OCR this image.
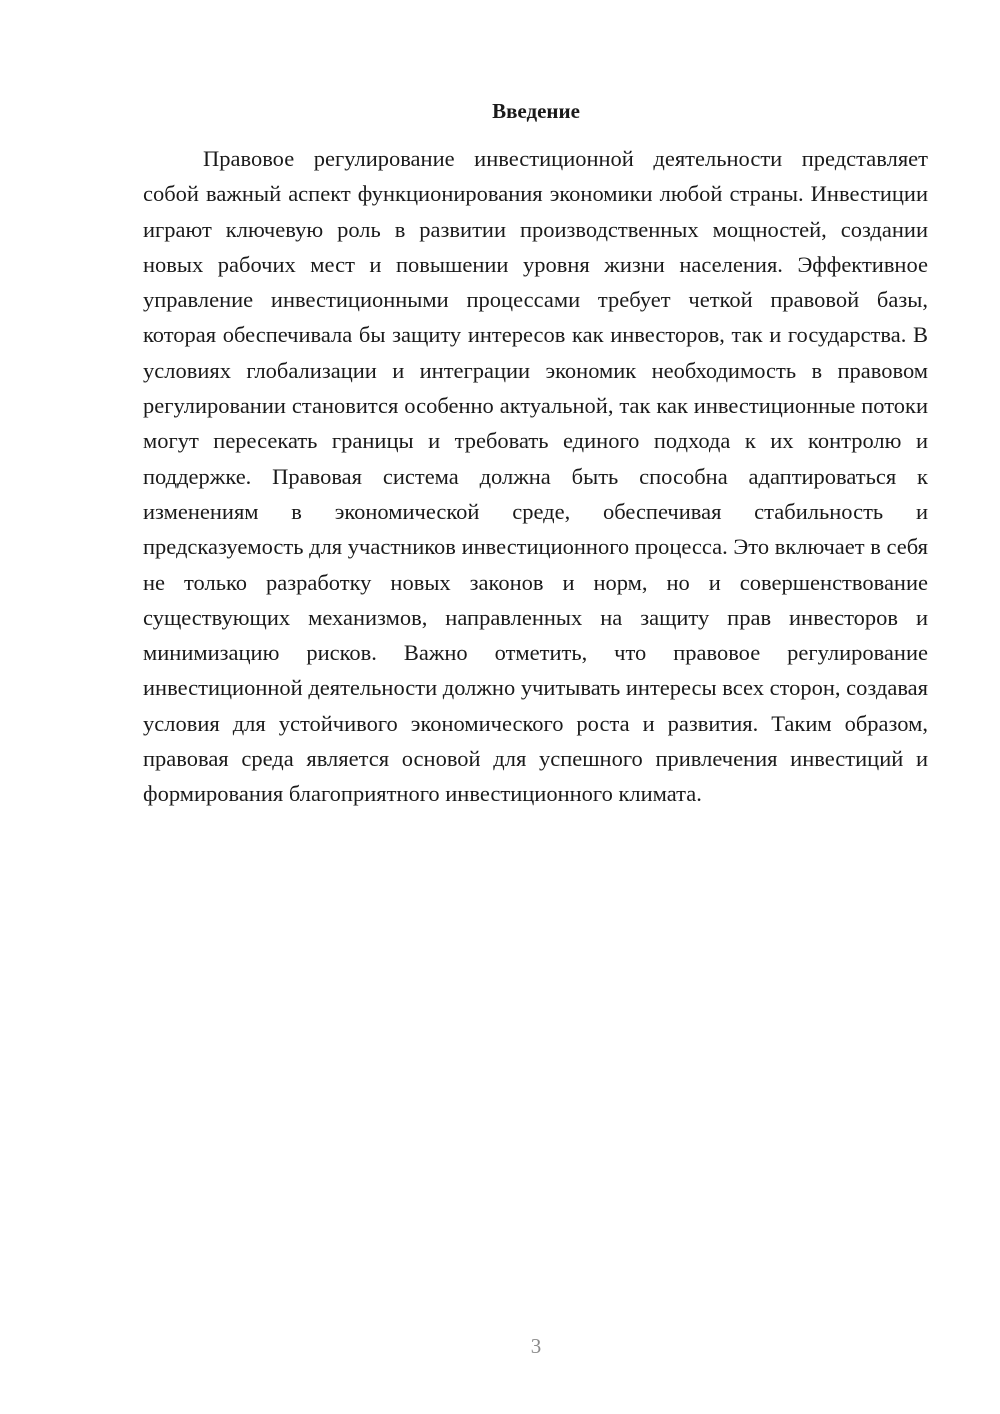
Введение

Правовое регулирование инвестиционной деятельности представляет собой важный аспект функционирования экономики любой страны. Инвестиции играют ключевую роль в развитии производственных мощностей, создании новых рабочих мест и повышении уровня жизни населения. Эффективное управление инвестиционными процессами требует четкой правовой базы, которая обеспечивала бы защиту интересов как инвесторов, так и государства. В условиях глобализации и интеграции экономик необходимость в правовом регулировании становится особенно актуальной, так как инвестиционные потоки могут пересекать границы и требовать единого подхода к их контролю и поддержке. Правовая система должна быть способна адаптироваться к изменениям в экономической среде, обеспечивая стабильность и предсказуемость для участников инвестиционного процесса. Это включает в себя не только разработку новых законов и норм, но и совершенствование существующих механизмов, направленных на защиту прав инвесторов и минимизацию рисков. Важно отметить, что правовое регулирование инвестиционной деятельности должно учитывать интересы всех сторон, создавая условия для устойчивого экономического роста и развития. Таким образом, правовая среда является основой для успешного привлечения инвестиций и формирования благоприятного инвестиционного климата.

3
